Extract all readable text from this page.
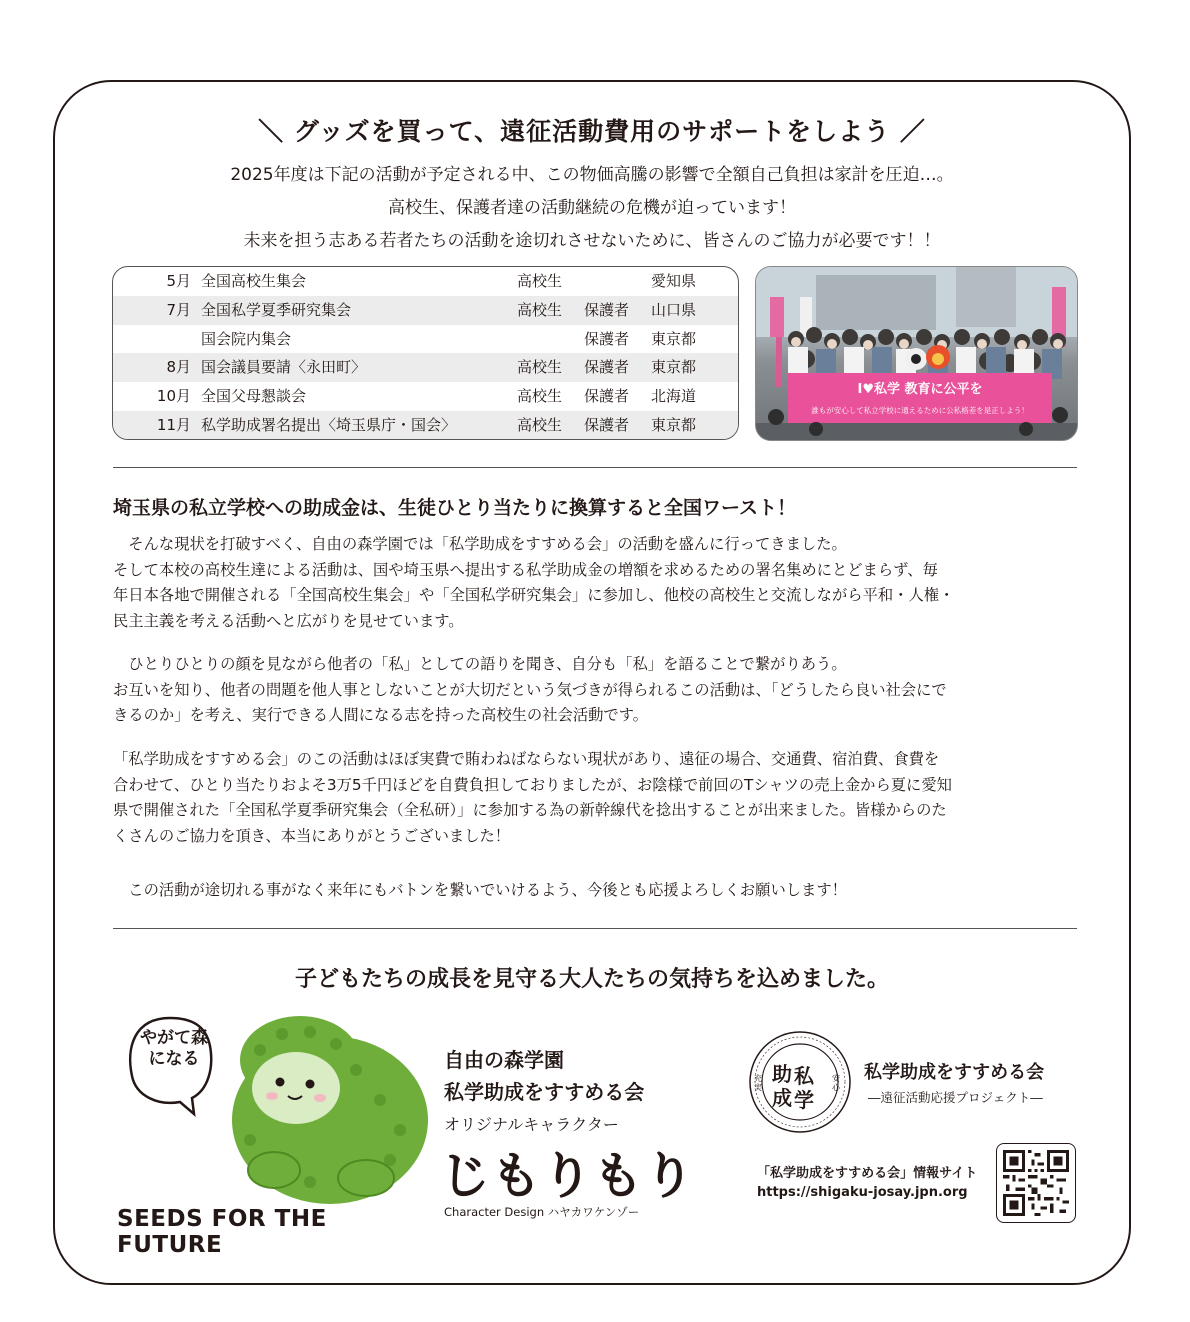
＼ グッズを買って、遠征活動費用のサポートをしよう ／
2025年度は下記の活動が予定される中、この物価高騰の影響で全額自己負担は家計を圧迫…。
高校生、保護者達の活動継続の危機が迫っています！
未来を担う志ある若者たちの活動を途切れさせないために、皆さんのご協力が必要です！！
5月 全国高校生集会	高校生	愛知県
7月 全国私学夏季研究集会	高校生 保護者 山口県
国会院内集会	保護者 東京都
8月 国会議員要請〈永田町〉	高校生 保護者 東京都
10月 全国父母懇談会	高校生 保護者 北海道
11月 私学助成署名提出〈埼玉県庁・国会〉	高校生 保護者 東京都
I♥私学 教育に公平を
誰もが安心して私立学校に通えるために公私格差を是正しよう！
埼玉県の私立学校への助成金は、生徒ひとり当たりに換算すると全国ワースト！

　そんな現状を打破すべく、自由の森学園では「私学助成をすすめる会」の活動を盛んに行ってきました。

そして本校の高校生達による活動は、国や埼玉県へ提出する私学助成金の増額を求めるための署名集めにとどまらず、毎

年日本各地で開催される「全国高校生集会」や「全国私学研究集会」に参加し、他校の高校生と交流しながら平和・人権・

民主主義を考える活動へと広がりを見せています。

　ひとりひとりの顔を見ながら他者の「私」としての語りを聞き、自分も「私」を語ることで繋がりあう。

お互いを知り、他者の問題を他人事としないことが大切だという気づきが得られるこの活動は、「どうしたら良い社会にで

きるのか」を考え、実行できる人間になる志を持った高校生の社会活動です。

「私学助成をすすめる会」のこの活動はほぼ実費で賄わねばならない現状があり、遠征の場合、交通費、宿泊費、食費を

合わせて、ひとり当たりおよそ3万5千円ほどを自費負担しておりましたが、お陰様で前回のTシャツの売上金から夏に愛知

県で開催された「全国私学夏季研究集会（全私研）」に参加する為の新幹線代を捻出することが出来ました。皆様からのた

くさんのご協力を頂き、本当にありがとうございました！

　この活動が途切れる事がなく来年にもバトンを繋いでいけるよう、今後とも応援よろしくお願いします！

子どもたちの成長を見守る大人たちの気持ちを込めました。
やがて森になる
SEEDS FOR THE FUTURE
自由の森学園
私学助成をすすめる会
オリジナルキャラクター
じもりもり
Character Design ハヤカワケンゾー
私
学
助
成
充実
安心
私学助成をすすめる会
―遠征活動応援プロジェクト―
「私学助成をすすめる会」情報サイト
https://shigaku-josay.jpn.org
